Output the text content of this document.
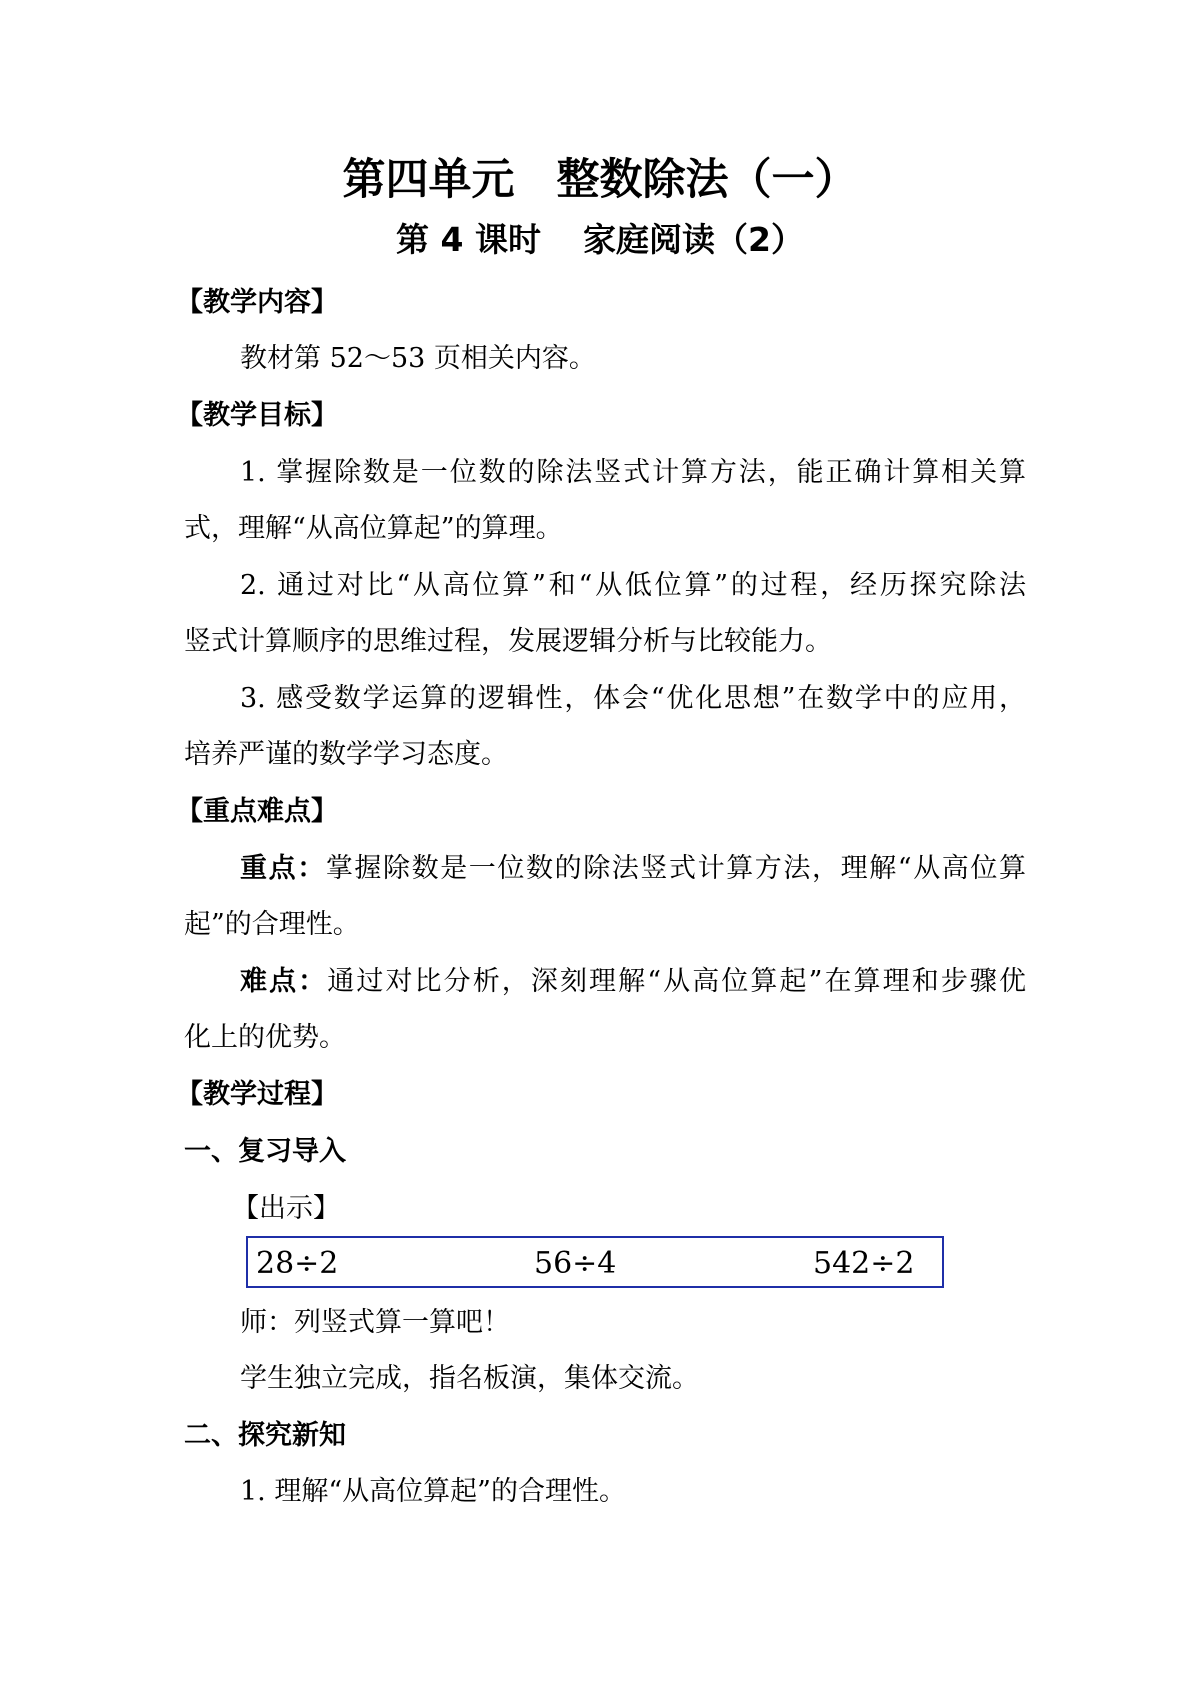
第四单元 整数除法（一）
第 4 课时 家庭阅读（2）
【教学内容】
教材第 52～53 页相关内容。
【教学目标】
1. 掌握除数是一位数的除法竖式计算方法，能正确计算相关算
式，理解“从高位算起”的算理。
2. 通过对比“从高位算”和“从低位算”的过程，经历探究除法
竖式计算顺序的思维过程，发展逻辑分析与比较能力。
3. 感受数学运算的逻辑性，体会“优化思想”在数学中的应用，
培养严谨的数学学习态度。
【重点难点】
重点：掌握除数是一位数的除法竖式计算方法，理解“从高位算
起”的合理性。
难点：通过对比分析，深刻理解“从高位算起”在算理和步骤优
化上的优势。
【教学过程】
一、复习导入
【出示】
28÷2	56÷4	542÷2
师：列竖式算一算吧！
学生独立完成，指名板演，集体交流。
二、探究新知
1. 理解“从高位算起”的合理性。
